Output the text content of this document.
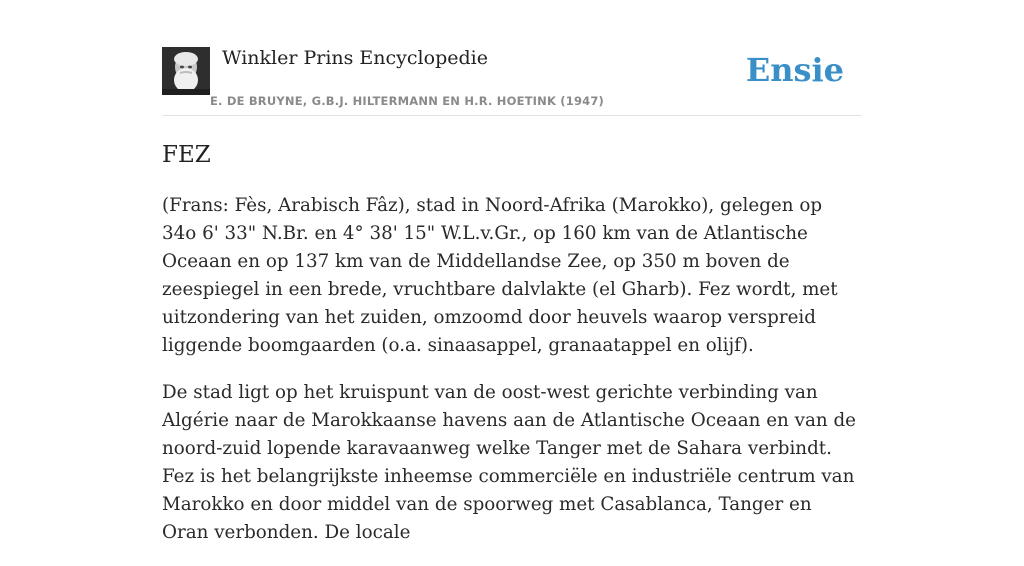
Winkler Prins Encyclopedie
E. DE BRUYNE, G.B.J. HILTERMANN EN H.R. HOETINK (1947)
Ensie
FEZ

(Frans: Fès, Arabisch Fâz), stad in Noord-Afrika (Marokko), gelegen op 34o 6' 33" N.Br. en 4° 38' 15" W.L.v.Gr., op 160 km van de Atlantische Oceaan en op 137 km van de Middellandse Zee, op 350 m boven de zeespiegel in een brede, vruchtbare dalvlakte (el Gharb). Fez wordt, met uitzondering van het zuiden, omzoomd door heuvels waarop verspreid liggende boomgaarden (o.a. sinaasappel, granaatappel en olijf).

De stad ligt op het kruispunt van de oost-west gerichte verbinding van Algérie naar de Marokkaanse havens aan de Atlantische Oceaan en van de noord-zuid lopende karavaanweg welke Tanger met de Sahara verbindt. Fez is het belangrijkste inheemse commerciële en industriële centrum van Marokko en door middel van de spoorweg met Casablanca, Tanger en Oran verbonden. De locale
